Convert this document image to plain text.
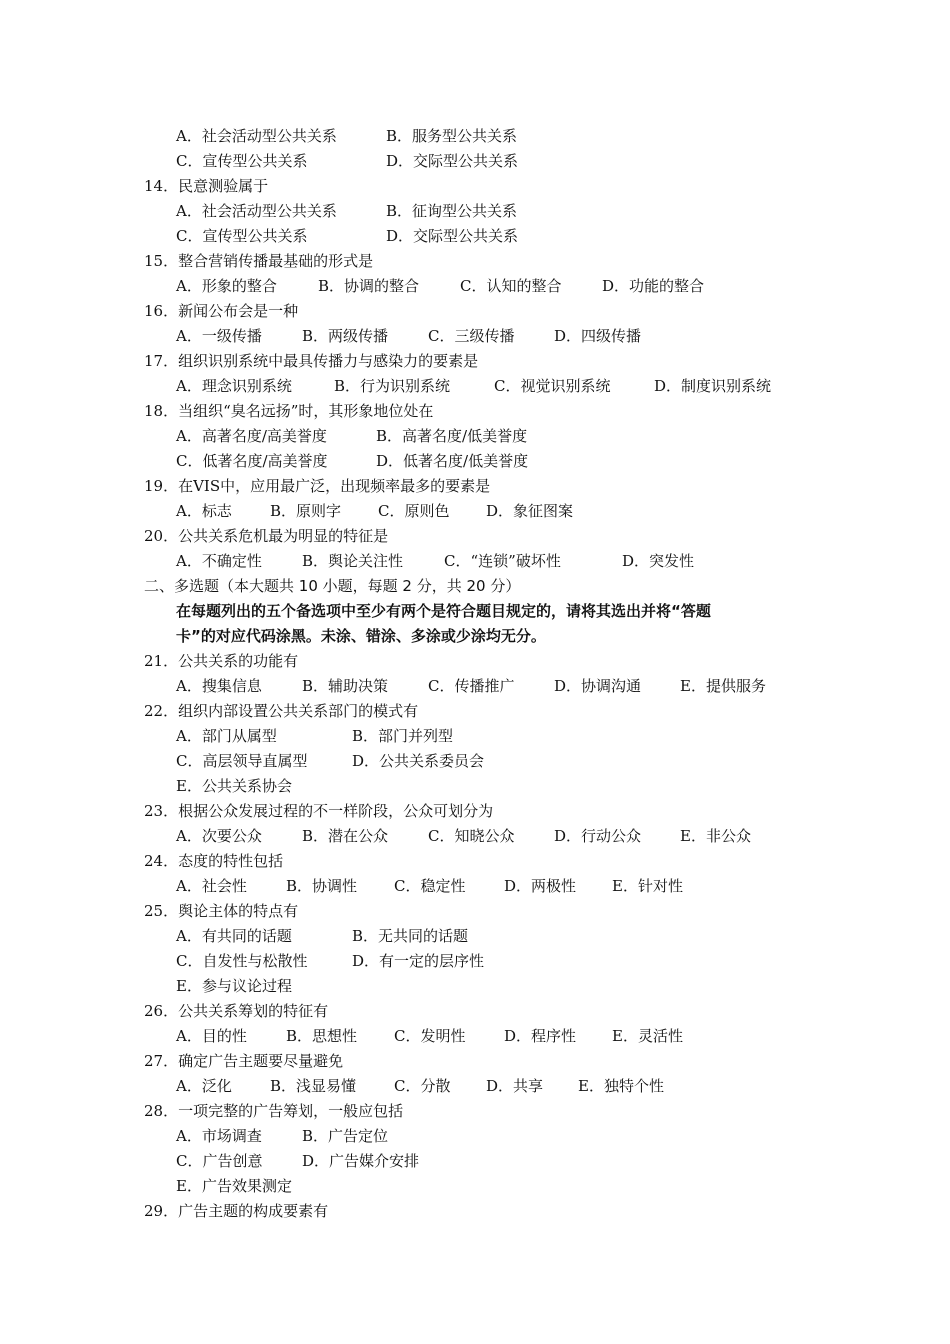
A．社会活动型公共关系	B．服务型公共关系
C．宣传型公共关系	D．交际型公共关系
14．民意测验属于
A．社会活动型公共关系	B．征询型公共关系
C．宣传型公共关系	D．交际型公共关系
15．整合营销传播最基础的形式是
A．形象的整合	B．协调的整合	C．认知的整合	D．功能的整合
16．新闻公布会是一种
A．一级传播	B．两级传播	C．三级传播	D．四级传播
17．组织识别系统中最具传播力与感染力的要素是
A．理念识别系统	B．行为识别系统	C．视觉识别系统	D．制度识别系统
18．当组织“臭名远扬”时，其形象地位处在
A．高著名度/高美誉度	B．高著名度/低美誉度
C．低著名度/高美誉度	D．低著名度/低美誉度
19．在VIS中，应用最广泛，出现频率最多的要素是
A．标志	B．原则字 C．原则色 D．象征图案
20．公共关系危机最为明显的特征是
A．不确定性	B．舆论关注性	C．“连锁”破坏性	D．突发性
二、多选题（本大题共 10 小题，每题 2 分，共 20 分）
在每题列出的五个备选项中至少有两个是符合题目规定的，请将其选出并将“答题
卡”的对应代码涂黑。未涂、错涂、多涂或少涂均无分。
21．公共关系的功能有
A．搜集信息	B．辅助决策	C．传播推广	D．协调沟通	E．提供服务
22．组织内部设置公共关系部门的模式有
A．部门从属型	B．部门并列型
C．高层领导直属型	D．公共关系委员会
E．公共关系协会
23．根据公众发展过程的不一样阶段，公众可划分为
A．次要公众	B．潜在公众	C．知晓公众	D．行动公众	E．非公众
24．态度的特性包括
A．社会性	B．协调性 C．稳定性	D．两极性 E．针对性
25．舆论主体的特点有
A．有共同的话题	B．无共同的话题
C．自发性与松散性	D．有一定的层序性
E．参与议论过程
26．公共关系筹划的特征有
A．目的性	B．思想性 C．发明性	D．程序性 E．灵活性
27．确定广告主题要尽量避免
A．泛化	B．浅显易懂	C．分散 D．共享 E．独特个性
28．一项完整的广告筹划，一般应包括
A．市场调查	B．广告定位
C．广告创意	D．广告媒介安排
E．广告效果测定
29．广告主题的构成要素有
